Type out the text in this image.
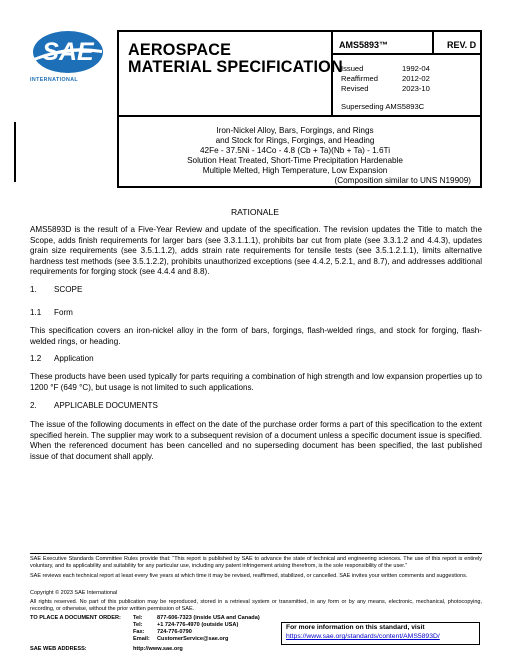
SAE
INTERNATIONAL
AEROSPACE
MATERIAL SPECIFICATION
AMS5893™	REV. D
Issued	1992-04
Reaffirmed	2012-02
Revised	2023-10
Superseding AMS5893C
Iron-Nickel Alloy, Bars, Forgings, and Rings
and Stock for Rings, Forgings, and Heading
42Fe - 37.5Ni - 14Co - 4.8 (Cb + Ta)(Nb + Ta) - 1.6Ti
Solution Heat Treated, Short-Time Precipitation Hardenable
Multiple Melted, High Temperature, Low Expansion
(Composition similar to UNS N19909)
RATIONALE
AMS5893D is the result of a Five-Year Review and update of the specification. The revision updates the Title to match the Scope, adds finish requirements for larger bars (see 3.3.1.1.1), prohibits bar cut from plate (see 3.3.1.2 and 4.4.3), updates grain size requirements (see 3.5.1.1.2), adds strain rate requirements for tensile tests (see 3.5.1.2.1.1), limits alternative hardness test methods (see 3.5.1.2.2), prohibits unauthorized exceptions (see 4.4.2, 5.2.1, and 8.7), and addresses additional requirements for forging stock (see 4.4.4 and 8.8).
1. SCOPE
1.1 Form
This specification covers an iron-nickel alloy in the form of bars, forgings, flash-welded rings, and stock for forging, flash-welded rings, or heading.
1.2 Application
These products have been used typically for parts requiring a combination of high strength and low expansion properties up to 1200 °F (649 °C), but usage is not limited to such applications.
2. APPLICABLE DOCUMENTS
The issue of the following documents in effect on the date of the purchase order forms a part of this specification to the extent specified herein. The supplier may work to a subsequent revision of a document unless a specific document issue is specified. When the referenced document has been cancelled and no superseding document has been specified, the last published issue of that document shall apply.
SAE Executive Standards Committee Rules provide that: “This report is published by SAE to advance the state of technical and engineering sciences. The use of this report is entirely voluntary, and its applicability and suitability for any particular use, including any patent infringement arising therefrom, is the sole responsibility of the user.”
SAE reviews each technical report at least every five years at which time it may be revised, reaffirmed, stabilized, or cancelled. SAE invites your written comments and suggestions.
Copyright © 2023 SAE International
All rights reserved. No part of this publication may be reproduced, stored in a retrieval system or transmitted, in any form or by any means, electronic, mechanical, photocopying, recording, or otherwise, without the prior written permission of SAE.
TO PLACE A DOCUMENT ORDER: Tel:	877-606-7323 (inside USA and Canada)
Tel:	+1 724-776-4970 (outside USA)
Fax: 724-776-0790
Email: CustomerService@sae.org
SAE WEB ADDRESS:	http://www.sae.org
For more information on this standard, visit
https://www.sae.org/standards/content/AMS5893D/
